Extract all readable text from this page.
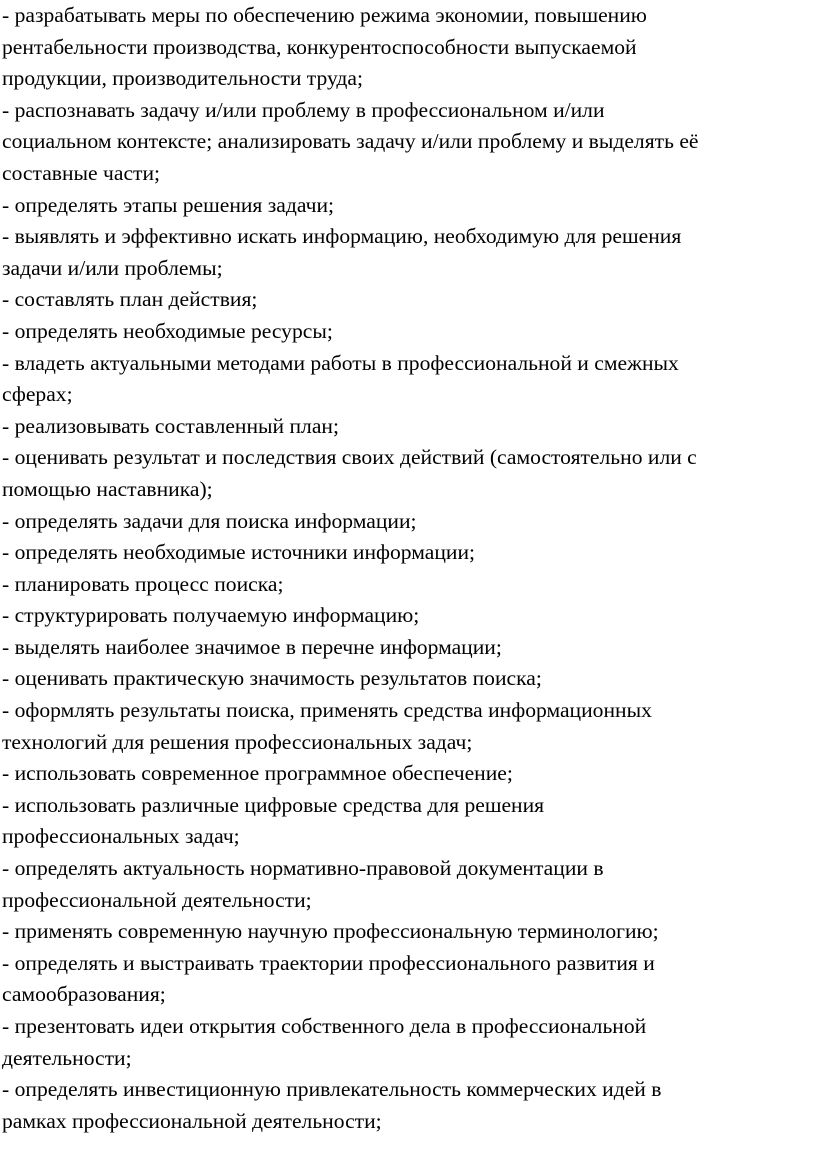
- разрабатывать меры по обеспечению режима экономии, повышению
рентабельности производства, конкурентоспособности выпускаемой
продукции, производительности труда;
- распознавать задачу и/или проблему в профессиональном и/или
социальном контексте; анализировать задачу и/или проблему и выделять её
составные части;
- определять этапы решения задачи;
- выявлять и эффективно искать информацию, необходимую для решения
задачи и/или проблемы;
- составлять план действия;
- определять необходимые ресурсы;
- владеть актуальными методами работы в профессиональной и смежных
сферах;
- реализовывать составленный план;
- оценивать результат и последствия своих действий (самостоятельно или с
помощью наставника);
- определять задачи для поиска информации;
- определять необходимые источники информации;
- планировать процесс поиска;
- структурировать получаемую информацию;
- выделять наиболее значимое в перечне информации;
- оценивать практическую значимость результатов поиска;
- оформлять результаты поиска, применять средства информационных
технологий для решения профессиональных задач;
- использовать современное программное обеспечение;
- использовать различные цифровые средства для решения
профессиональных задач;
- определять актуальность нормативно-правовой документации в
профессиональной деятельности;
- применять современную научную профессиональную терминологию;
- определять и выстраивать траектории профессионального развития и
самообразования;
- презентовать идеи открытия собственного дела в профессиональной
деятельности;
- определять инвестиционную привлекательность коммерческих идей в
рамках профессиональной деятельности;
